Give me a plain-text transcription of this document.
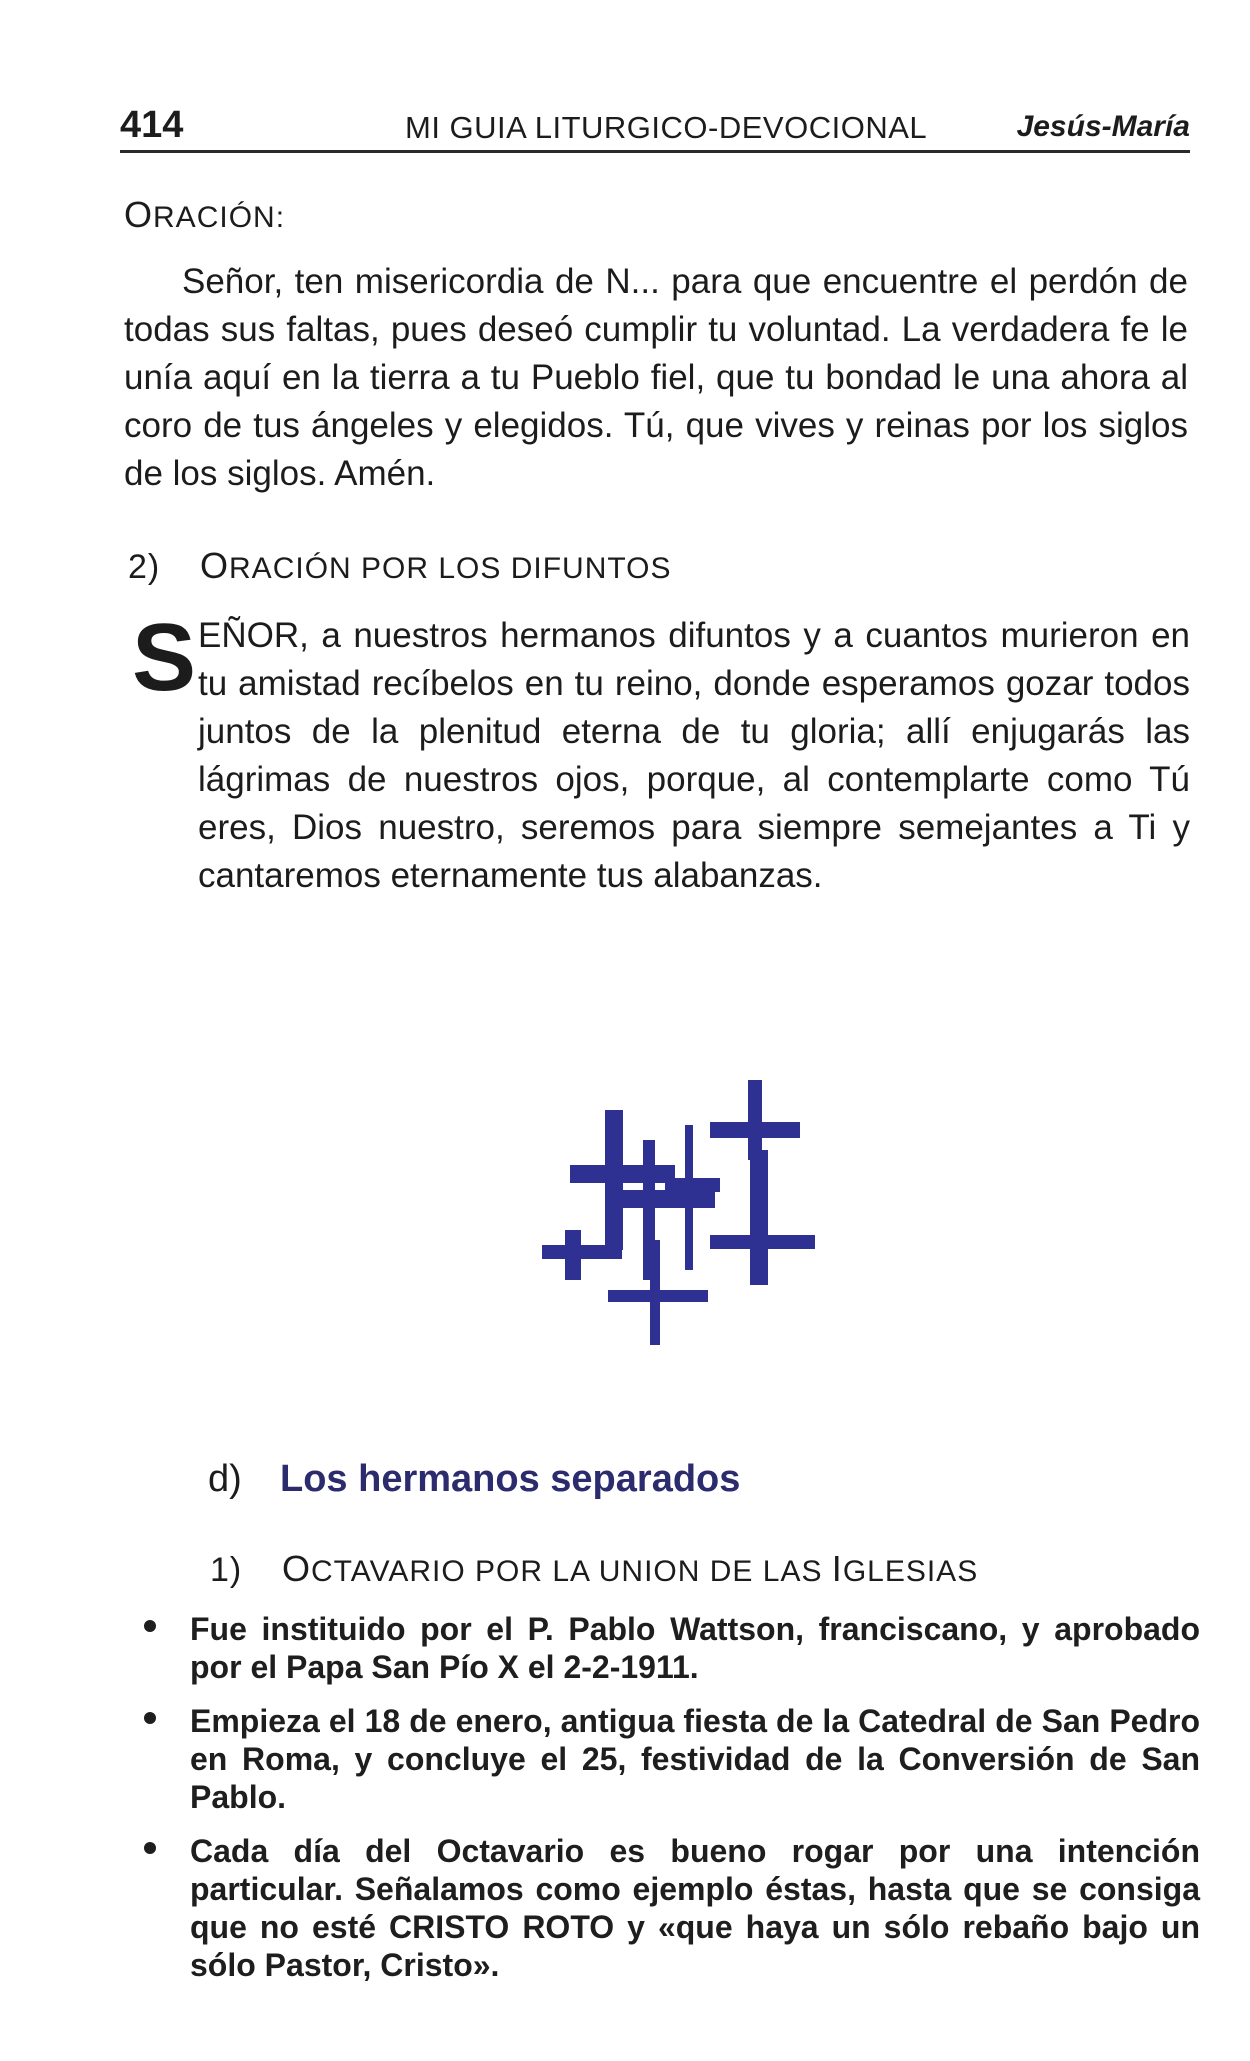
414	MI GUIA LITURGICO-DEVOCIONAL	Jesús-María
ORACIÓN:

Señor, ten misericordia de N... para que encuentre el perdón de todas sus faltas, pues deseó cumplir tu voluntad. La verdadera fe le unía aquí en la tierra a tu Pueblo fiel, que tu bondad le una ahora al coro de tus ángeles y elegidos. Tú, que vives y reinas por los siglos de los siglos. Amén.

2) ORACIÓN POR LOS DIFUNTOS
S EÑOR, a nuestros hermanos difuntos y a cuantos murieron en tu amistad recíbelos en tu reino, donde esperamos gozar todos juntos de la plenitud eterna de tu gloria; allí enjugarás las lágrimas de nuestros ojos, porque, al contemplarte como Tú eres, Dios nuestro, seremos para siempre semejantes a Ti y cantaremos eternamente tus alabanzas.

d) Los hermanos separados
1) OCTAVARIO POR LA UNION DE LAS IGLESIAS
Fue instituido por el P. Pablo Wattson, franciscano, y aprobado por el Papa San Pío X el 2-2-1911.
Empieza el 18 de enero, antigua fiesta de la Catedral de San Pedro en Roma, y concluye el 25, festividad de la Conversión de San Pablo.
Cada día del Octavario es bueno rogar por una intención particular. Señalamos como ejemplo éstas, hasta que se consiga que no esté CRISTO ROTO y «que haya un sólo rebaño bajo un sólo Pastor, Cristo».
